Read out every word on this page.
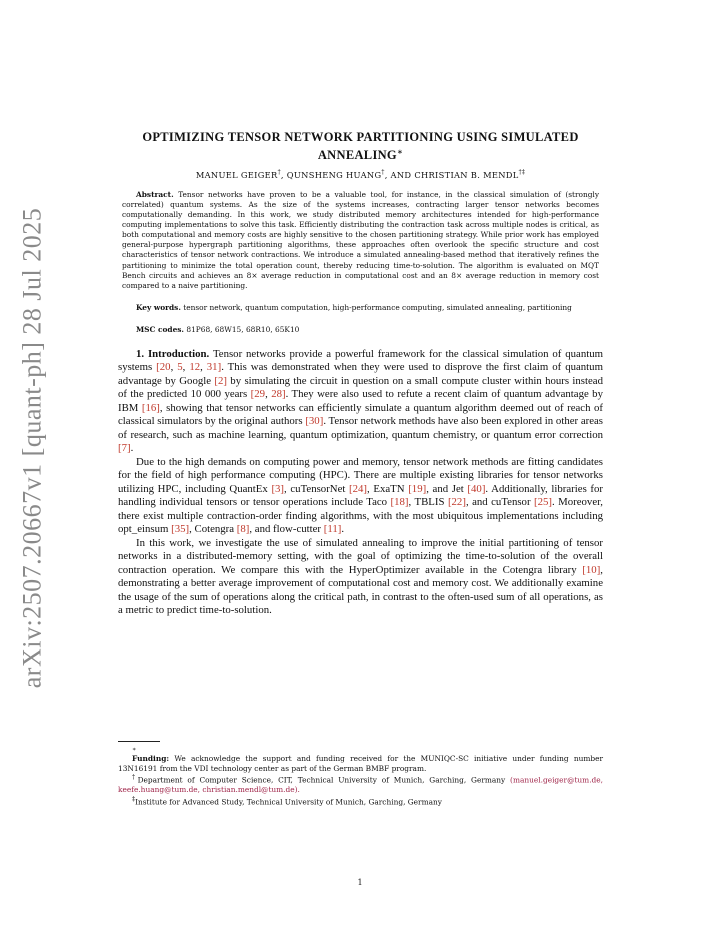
arXiv:2507.20667v1 [quant-ph] 28 Jul 2025
OPTIMIZING TENSOR NETWORK PARTITIONING USING SIMULATED ANNEALING∗
MANUEL GEIGER†, QUNSHENG HUANG†, AND CHRISTIAN B. MENDL†‡
Abstract. Tensor networks have proven to be a valuable tool, for instance, in the classical simulation of (strongly correlated) quantum systems. As the size of the systems increases, contracting larger tensor networks becomes computationally demanding. In this work, we study distributed memory architectures intended for high-performance computing implementations to solve this task. Efficiently distributing the contraction task across multiple nodes is critical, as both computational and memory costs are highly sensitive to the chosen partitioning strategy. While prior work has employed general-purpose hypergraph partitioning algorithms, these approaches often overlook the specific structure and cost characteristics of tensor network contractions. We introduce a simulated annealing-based method that iteratively refines the partitioning to minimize the total operation count, thereby reducing time-to-solution. The algorithm is evaluated on MQT Bench circuits and achieves an 8× average reduction in computational cost and an 8× average reduction in memory cost compared to a naive partitioning.
Key words. tensor network, quantum computation, high-performance computing, simulated annealing, partitioning
MSC codes. 81P68, 68W15, 68R10, 65K10

1. Introduction. Tensor networks provide a powerful framework for the classical simulation of quantum systems [20, 5, 12, 31]. This was demonstrated when they were used to disprove the first claim of quantum advantage by Google [2] by simulating the circuit in question on a small compute cluster within hours instead of the predicted 10 000 years [29, 28]. They were also used to refute a recent claim of quantum advantage by IBM [16], showing that tensor networks can efficiently simulate a quantum algorithm deemed out of reach of classical simulators by the original authors [30]. Tensor network methods have also been explored in other areas of research, such as machine learning, quantum optimization, quantum chemistry, or quantum error correction [7].

Due to the high demands on computing power and memory, tensor network methods are fitting candidates for the field of high performance computing (HPC). There are multiple existing libraries for tensor networks utilizing HPC, including QuantEx [3], cuTensorNet [24], ExaTN [19], and Jet [40]. Additionally, libraries for handling individual tensors or tensor operations include Taco [18], TBLIS [22], and cuTensor [25]. Moreover, there exist multiple contraction-order finding algorithms, with the most ubiquitous implementations including opt_einsum [35], Cotengra [8], and flow-cutter [11].

In this work, we investigate the use of simulated annealing to improve the initial partitioning of tensor networks in a distributed-memory setting, with the goal of optimizing the time-to-solution of the overall contraction operation. We compare this with the HyperOptimizer available in the Cotengra library [10], demonstrating a better average improvement of computational cost and memory cost. We additionally examine the usage of the sum of operations along the critical path, in contrast to the often-used sum of all operations, as a metric to predict time-to-solution.

∗
Funding: We acknowledge the support and funding received for the MUNIQC-SC initiative under funding number 13N16191 from the VDI technology center as part of the German BMBF program.
†Department of Computer Science, CIT, Technical University of Munich, Garching, Germany (manuel.geiger@tum.de, keefe.huang@tum.de, christian.mendl@tum.de).
‡Institute for Advanced Study, Technical University of Munich, Garching, Germany
1
